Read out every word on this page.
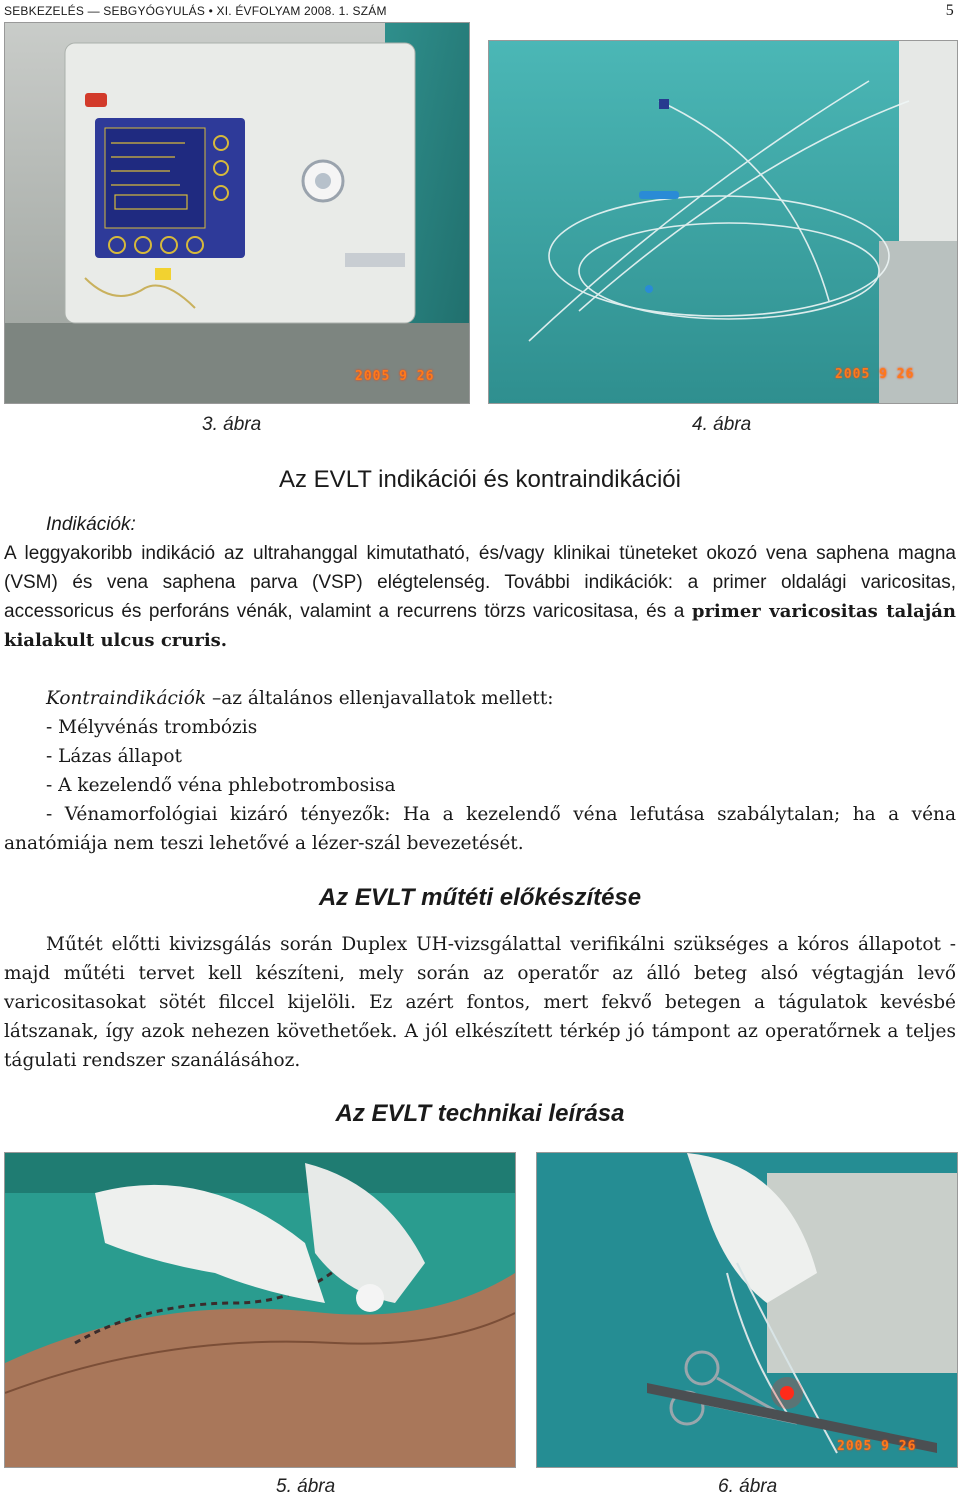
SEBKEZELÉS — SEBGYÓGYULÁS • XI. ÉVFOLYAM 2008. 1. SZÁM	5
2005 9 26	2005 9 26
3. ábra	4. ábra
Az EVLT indikációi és kontraindikációi
Indikációk:
A leggyakoribb indikáció az ultrahanggal kimutatható, és/vagy klinikai tüneteket okozó vena saphena magna (VSM) és vena saphena parva (VSP) elégtelenség. További indikációk: a primer oldalági varicositas, accessoricus és perforáns vénák, valamint a recurrens törzs varicositasa, és a primer varicositas talaján kialakult ulcus cruris.
Kontraindikációk –az általános ellenjavallatok mellett:
- Mélyvénás trombózis
- Lázas állapot
- A kezelendő véna phlebotrombosisa
- Vénamorfológiai kizáró tényezők: Ha a kezelendő véna lefutása szabálytalan; ha a véna anatómiája nem teszi lehetővé a lézer-szál bevezetését.
Az EVLT műtéti előkészítése
Műtét előtti kivizsgálás során Duplex UH-vizsgálattal verifikálni szükséges a kóros állapotot - majd műtéti tervet kell készíteni, mely során az operatőr az álló beteg alsó végtagján levő varicositasokat sötét filccel kijelöli. Ez azért fontos, mert fekvő betegen a tágulatok kevésbé látszanak, így azok nehezen követhetőek. A jól elkészített térkép jó támpont az operatőrnek a teljes tágulati rendszer szanálásához.
Az EVLT technikai leírása
2005 9 26
5. ábra	6. ábra
